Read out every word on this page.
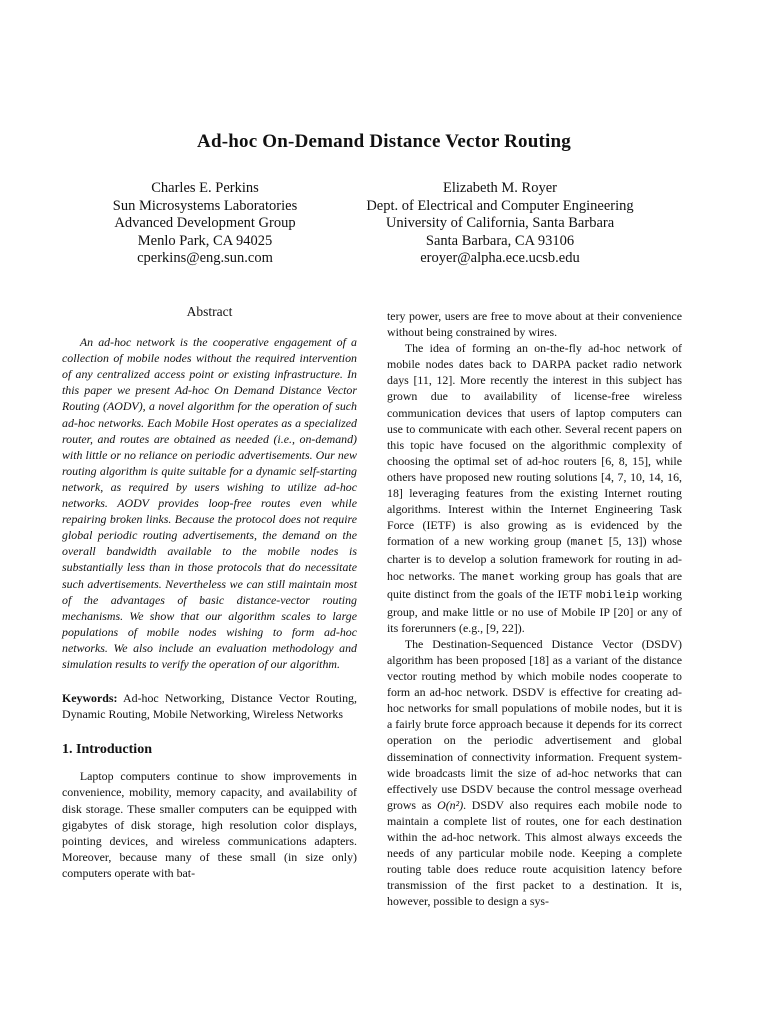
Ad-hoc On-Demand Distance Vector Routing
Charles E. Perkins
Sun Microsystems Laboratories
Advanced Development Group
Menlo Park, CA 94025
cperkins@eng.sun.com
Elizabeth M. Royer
Dept. of Electrical and Computer Engineering
University of California, Santa Barbara
Santa Barbara, CA 93106
eroyer@alpha.ece.ucsb.edu
Abstract

An ad-hoc network is the cooperative engagement of a collection of mobile nodes without the required intervention of any centralized access point or existing infrastructure. In this paper we present Ad-hoc On Demand Distance Vector Routing (AODV), a novel algorithm for the operation of such ad-hoc networks. Each Mobile Host operates as a specialized router, and routes are obtained as needed (i.e., on-demand) with little or no reliance on periodic advertisements. Our new routing algorithm is quite suitable for a dynamic self-starting network, as required by users wishing to utilize ad-hoc networks. AODV provides loop-free routes even while repairing broken links. Because the protocol does not require global periodic routing advertisements, the demand on the overall bandwidth available to the mobile nodes is substantially less than in those protocols that do necessitate such advertisements. Nevertheless we can still maintain most of the advantages of basic distance-vector routing mechanisms. We show that our algorithm scales to large populations of mobile nodes wishing to form ad-hoc networks. We also include an evaluation methodology and simulation results to verify the operation of our algorithm.

Keywords: Ad-hoc Networking, Distance Vector Routing, Dynamic Routing, Mobile Networking, Wireless Networks

1. Introduction

Laptop computers continue to show improvements in convenience, mobility, memory capacity, and availability of disk storage. These smaller computers can be equipped with gigabytes of disk storage, high resolution color displays, pointing devices, and wireless communications adapters. Moreover, because many of these small (in size only) computers operate with bat-

tery power, users are free to move about at their convenience without being constrained by wires.

The idea of forming an on-the-fly ad-hoc network of mobile nodes dates back to DARPA packet radio network days [11, 12]. More recently the interest in this subject has grown due to availability of license-free wireless communication devices that users of laptop computers can use to communicate with each other. Several recent papers on this topic have focused on the algorithmic complexity of choosing the optimal set of ad-hoc routers [6, 8, 15], while others have proposed new routing solutions [4, 7, 10, 14, 16, 18] leveraging features from the existing Internet routing algorithms. Interest within the Internet Engineering Task Force (IETF) is also growing as is evidenced by the formation of a new working group (manet [5, 13]) whose charter is to develop a solution framework for routing in ad-hoc networks. The manet working group has goals that are quite distinct from the goals of the IETF mobileip working group, and make little or no use of Mobile IP [20] or any of its forerunners (e.g., [9, 22]).

The Destination-Sequenced Distance Vector (DSDV) algorithm has been proposed [18] as a variant of the distance vector routing method by which mobile nodes cooperate to form an ad-hoc network. DSDV is effective for creating ad-hoc networks for small populations of mobile nodes, but it is a fairly brute force approach because it depends for its correct operation on the periodic advertisement and global dissemination of connectivity information. Frequent system-wide broadcasts limit the size of ad-hoc networks that can effectively use DSDV because the control message overhead grows as O(n²). DSDV also requires each mobile node to maintain a complete list of routes, one for each destination within the ad-hoc network. This almost always exceeds the needs of any particular mobile node. Keeping a complete routing table does reduce route acquisition latency before transmission of the first packet to a destination. It is, however, possible to design a sys-
